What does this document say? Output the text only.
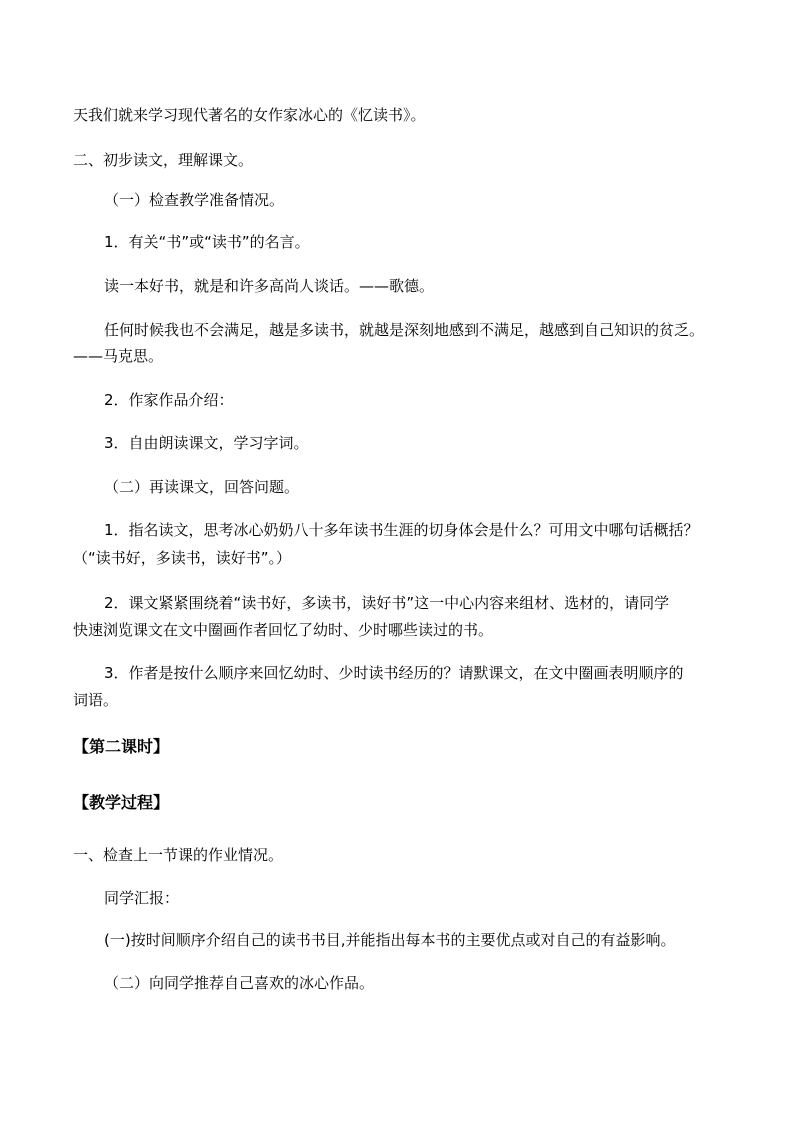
天我们就来学习现代著名的女作家冰心的《忆读书》。
二、初步读文，理解课文。
（一）检查教学准备情况。
1．有关“书”或“读书”的名言。
读一本好书，就是和许多高尚人谈话。——歌德。
任何时候我也不会满足，越是多读书，就越是深刻地感到不满足，越感到自己知识的贫乏。
——马克思。
2．作家作品介绍：
3．自由朗读课文，学习字词。
（二）再读课文，回答问题。
1．指名读文，思考冰心奶奶八十多年读书生涯的切身体会是什么？可用文中哪句话概括？
（“读书好，多读书，读好书”。）
2．课文紧紧围绕着“读书好，多读书，读好书”这一中心内容来组材、选材的，请同学
快速浏览课文在文中圈画作者回忆了幼时、少时哪些读过的书。
3．作者是按什么顺序来回忆幼时、少时读书经历的？请默课文，在文中圈画表明顺序的
词语。
【第二课时】
【教学过程】
一、检查上一节课的作业情况。
同学汇报：
(一)按时间顺序介绍自己的读书书目,并能指出每本书的主要优点或对自己的有益影响。
（二）向同学推荐自己喜欢的冰心作品。
